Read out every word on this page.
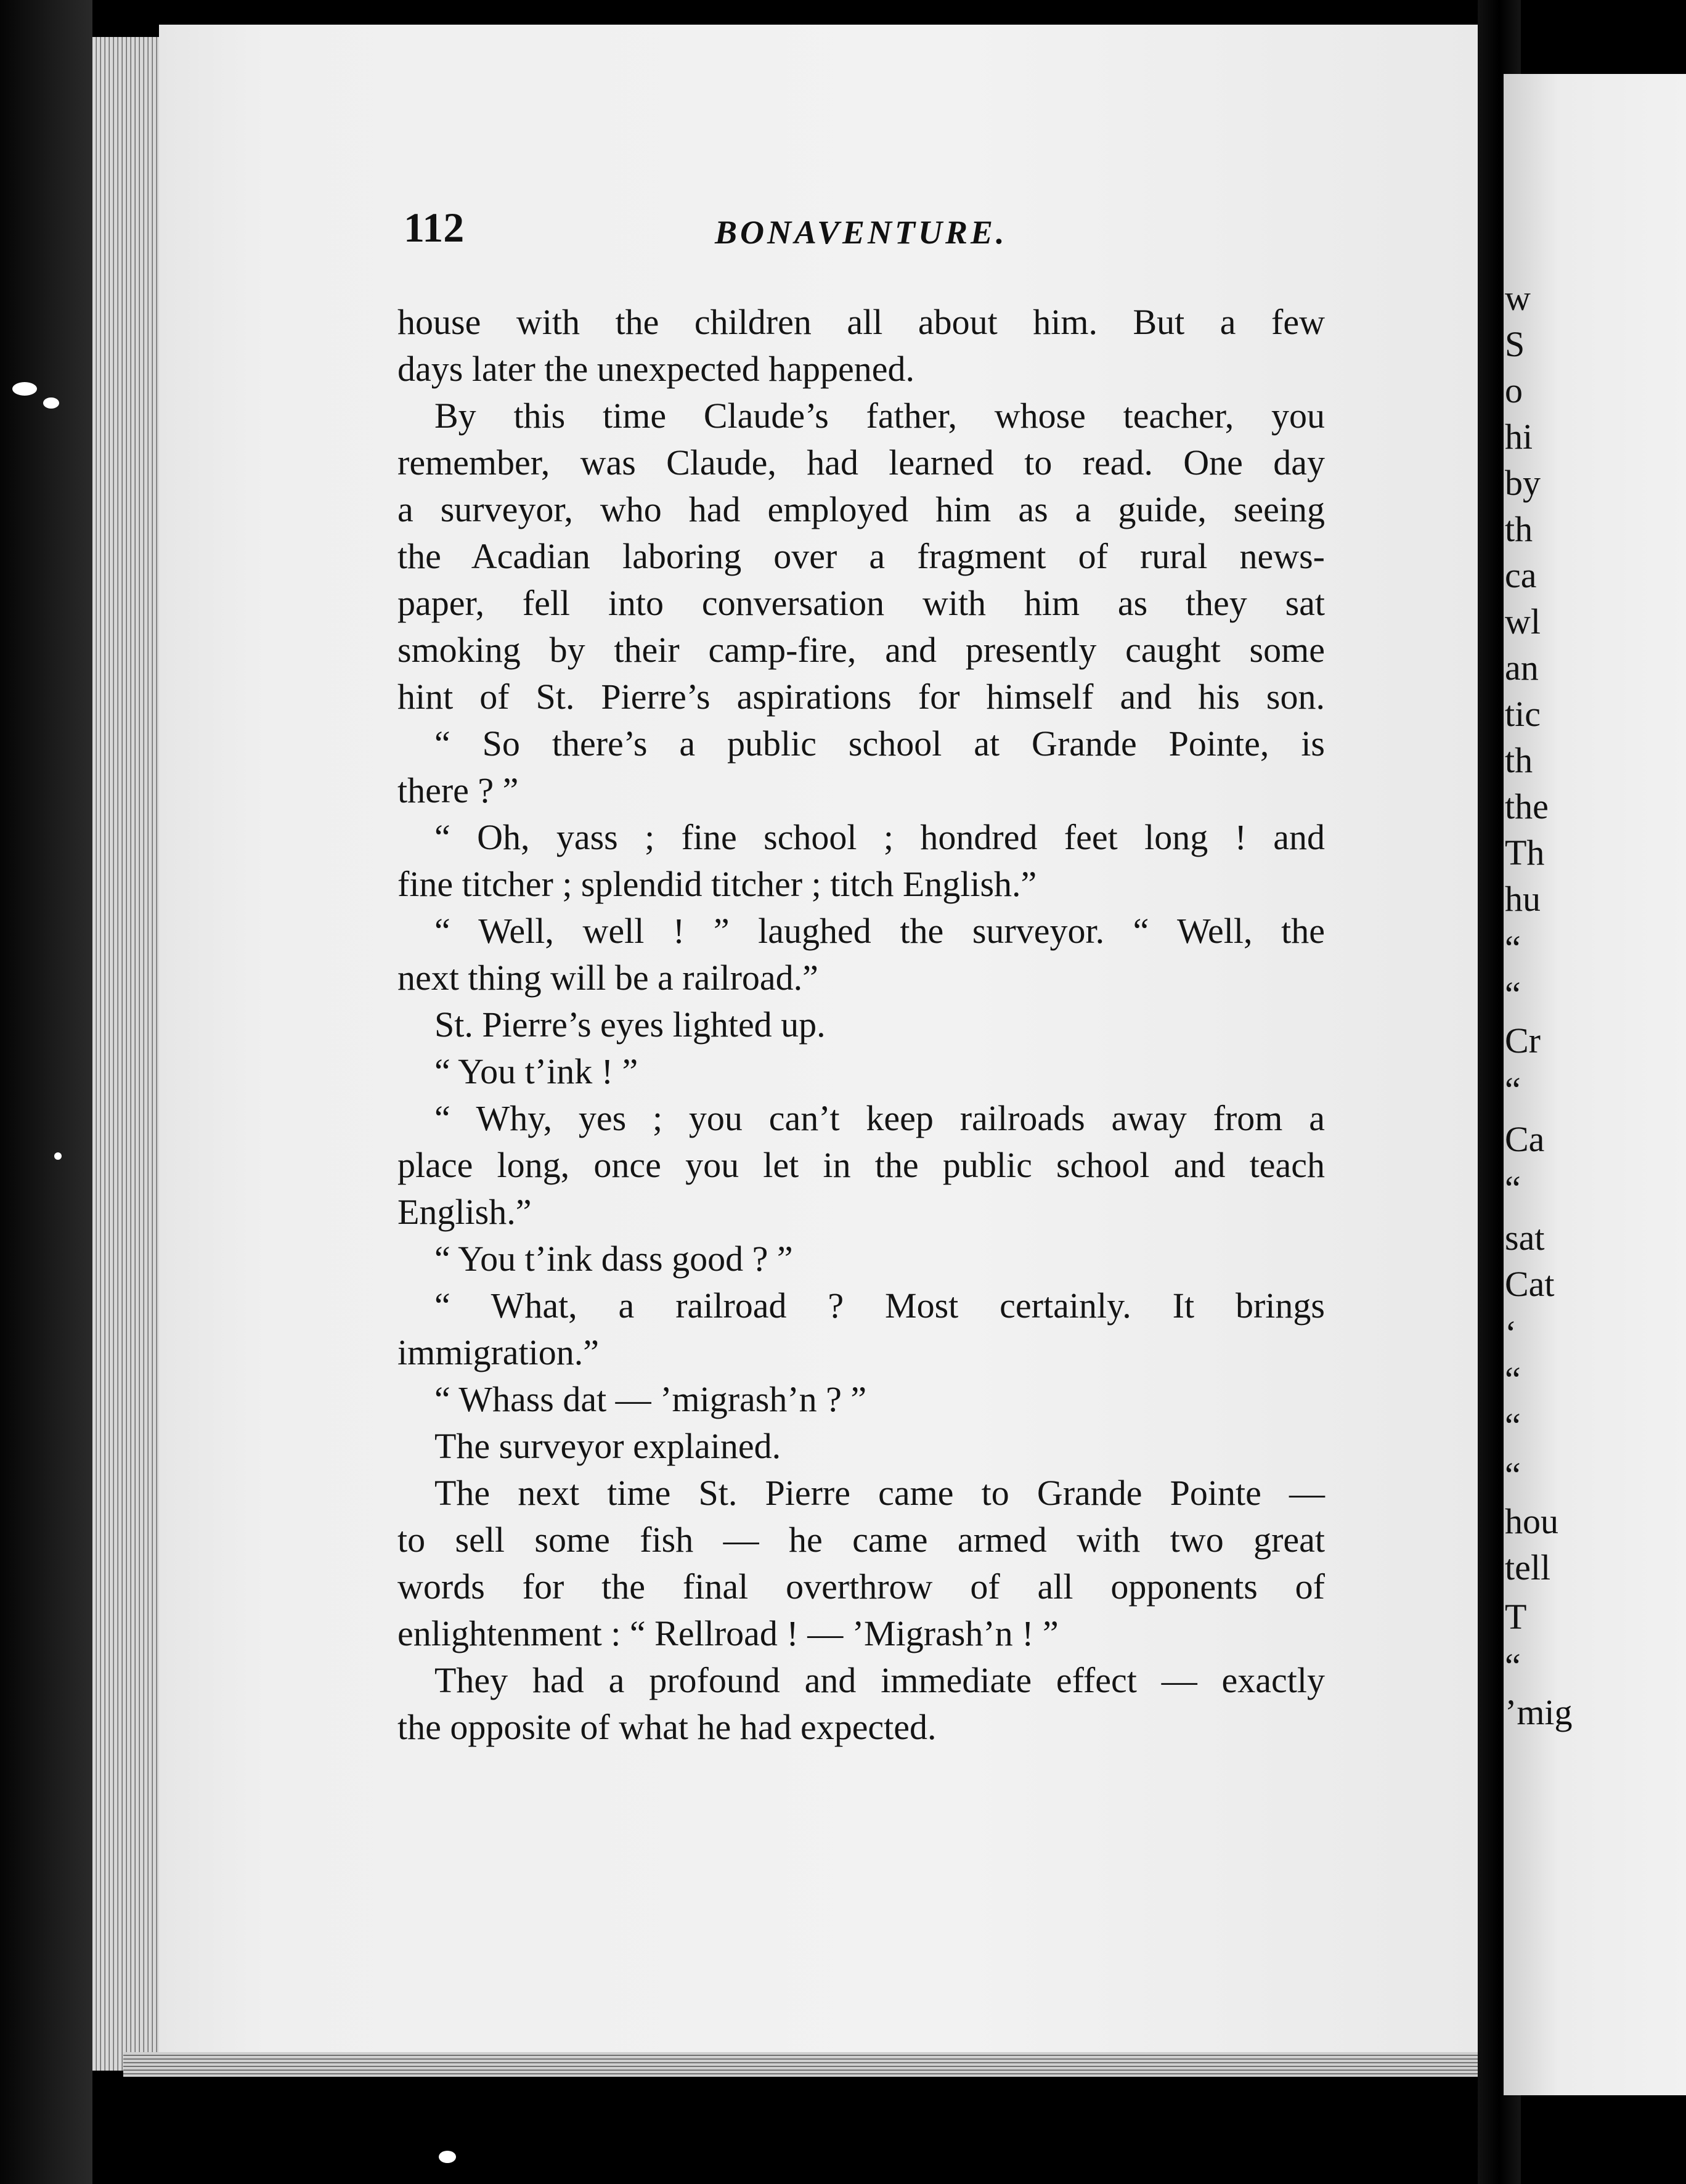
w
S
o
hi
by
th
ca
wl
an
tic
th
the
Th
hu
“
“
Cr
“
Ca
“
sat
Cat
‘
“
“
“
hou
tell
T
“
’mig
112	BONAVENTURE.
house with the children all about him. But a few
days later the unexpected happened.
By this time Claude’s father, whose teacher, you
remember, was Claude, had learned to read. One day
a surveyor, who had employed him as a guide, seeing
the Acadian laboring over a fragment of rural news-
paper, fell into conversation with him as they sat
smoking by their camp-fire, and presently caught some
hint of St. Pierre’s aspirations for himself and his son.
“ So there’s a public school at Grande Pointe, is
there ? ”
“ Oh, yass ; fine school ; hondred feet long ! and
fine titcher ; splendid titcher ; titch English.”
“ Well, well ! ” laughed the surveyor. “ Well, the
next thing will be a railroad.”
St. Pierre’s eyes lighted up.
“ You t’ink ! ”
“ Why, yes ; you can’t keep railroads away from a
place long, once you let in the public school and teach
English.”
“ You t’ink dass good ? ”
“ What, a railroad ? Most certainly. It brings
immigration.”
“ Whass dat — ’migrash’n ? ”
The surveyor explained.
The next time St. Pierre came to Grande Pointe —
to sell some fish — he came armed with two great
words for the final overthrow of all opponents of
enlightenment : “ Rellroad ! — ’Migrash’n ! ”
They had a profound and immediate effect — exactly
the opposite of what he had expected.
